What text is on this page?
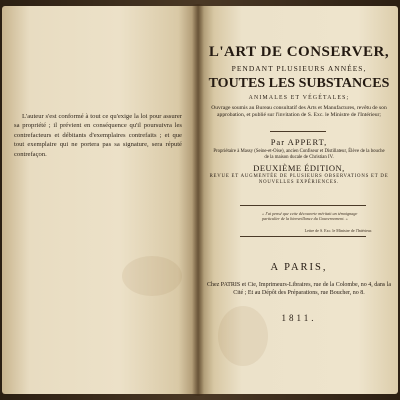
L'auteur s'est conformé à tout ce qu'exige la loi pour assurer sa propriété ; il prévient en conséquence qu'il poursuivra les contrefacteurs et débitants d'exemplaires contrefaits ; et que tout exemplaire qui ne portera pas sa signature, sera réputé contrefaçon.
L'ART DE CONSERVER,
PENDANT PLUSIEURS ANNÉES,
TOUTES LES SUBSTANCES
ANIMALES ET VÉGÉTALES;
Ouvrage soumis au Bureau consultatif des Arts et Manufactures, revêtu de son approbation, et publié sur l'invitation de S. Exc. le Ministre de l'Intérieur;
Par APPERT,
Propriétaire à Massy (Seine-et-Oise), ancien Confiseur et Distillateur, Élève de la bouche de la maison ducale de Christian IV.
DEUXIÈME ÉDITION,
REVUE ET AUGMENTÉE DE PLUSIEURS OBSERVATIONS ET DE NOUVELLES EXPÉRIENCES.
« J'ai pensé que cette découverte méritait un témoignage particulier de la bienveillance du Gouvernement. »
Lettre de S. Exc. le Ministre de l'Intérieur.
A PARIS,
Chez PATRIS et Cie, Imprimeurs-Libraires, rue de la Colombe, no 4, dans la Cité ; Et au Dépôt des Préparations, rue Boucher, no 8.
1811.
